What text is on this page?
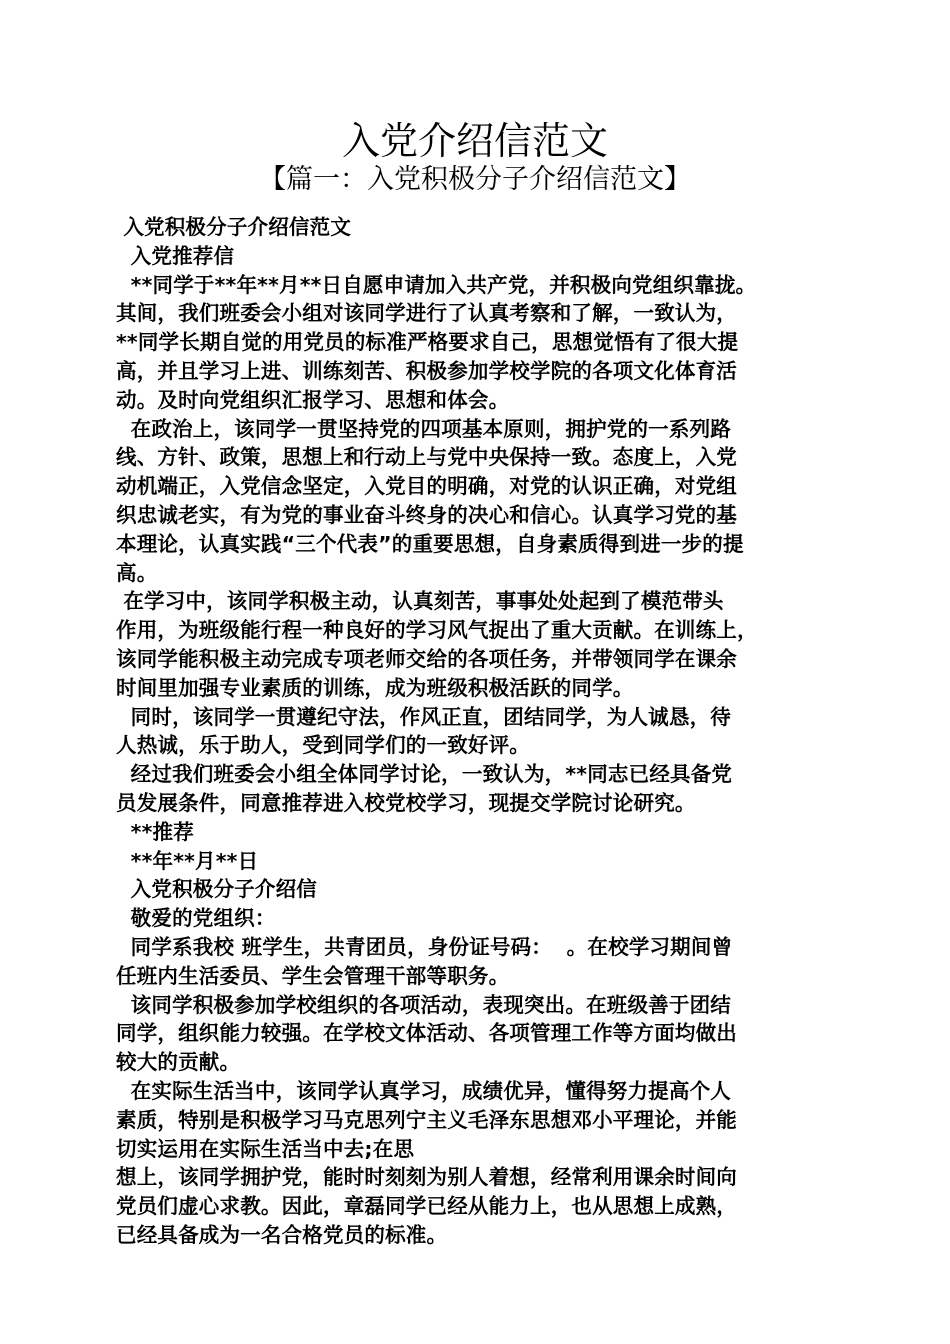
入党介绍信范文
【篇一：入党积极分子介绍信范文】
入党积极分子介绍信范文
入党推荐信
**同学于**年**月**日自愿申请加入共产党，并积极向党组织靠拢。
其间，我们班委会小组对该同学进行了认真考察和了解，一致认为，
**同学长期自觉的用党员的标准严格要求自己，思想觉悟有了很大提
高，并且学习上进、训练刻苦、积极参加学校学院的各项文化体育活
动。及时向党组织汇报学习、思想和体会。
在政治上，该同学一贯坚持党的四项基本原则，拥护党的一系列路
线、方针、政策，思想上和行动上与党中央保持一致。态度上，入党
动机端正，入党信念坚定，入党目的明确，对党的认识正确，对党组
织忠诚老实，有为党的事业奋斗终身的决心和信心。认真学习党的基
本理论，认真实践“三个代表”的重要思想，自身素质得到进一步的提
高。
在学习中，该同学积极主动，认真刻苦，事事处处起到了模范带头
作用，为班级能行程一种良好的学习风气捉出了重大贡献。在训练上，
该同学能积极主动完成专项老师交给的各项任务，并带领同学在课余
时间里加强专业素质的训练，成为班级积极活跃的同学。
同时，该同学一贯遵纪守法，作风正直，团结同学，为人诚恳，待
人热诚，乐于助人，受到同学们的一致好评。
经过我们班委会小组全体同学讨论，一致认为，**同志已经具备党
员发展条件，同意推荐进入校党校学习，现提交学院讨论研究。
**推荐
**年**月**日
入党积极分子介绍信
敬爱的党组织：
同学系我校 班学生，共青团员，身份证号码：  。在校学习期间曾
任班内生活委员、学生会管理干部等职务。
该同学积极参加学校组织的各项活动，表现突出。在班级善于团结
同学，组织能力较强。在学校文体活动、各项管理工作等方面均做出
较大的贡献。
在实际生活当中，该同学认真学习，成绩优异，懂得努力提高个人
素质，特别是积极学习马克思列宁主义毛泽东思想邓小平理论，并能
切实运用在实际生活当中去;在思
想上，该同学拥护党，能时时刻刻为别人着想，经常利用课余时间向
党员们虚心求教。因此，章磊同学已经从能力上，也从思想上成熟，
已经具备成为一名合格党员的标准。
